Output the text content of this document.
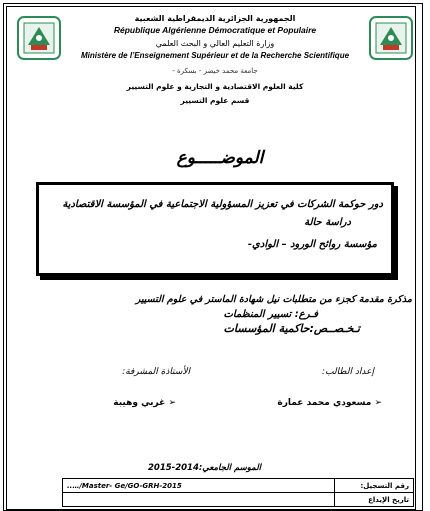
الجمهورية الجزائرية الديمقراطية الشعبية
République Algérienne Démocratique et Populaire
وزارة التعليم العالي و البحث العلمي
Ministère de l’Enseignement Supérieur et de la Recherche Scientifique
جامعة محمد خيضر - بسكرة -
كلية العلوم الاقتصادية و التجارية و علوم التسيير
قسم علوم التسيير
الموضـــــوع
دور حوكمة الشركات في تعزيز المسؤولية الاجتماعية في المؤسسة الاقتصادية
دراسة حالة
مؤسسة روائح الورود – الوادي-
مذكرة مقدمة كجزء من متطلبات نيل شهادة الماستر في علوم التسيير
فـرع: تسيير المنظمات
تـخـصــص:حاكمية المؤسسات
إعداد الطالب:
الأستاذة المشرفة:
➢ مسعودي محمد عمارة
➢ غربي وهيبة
الموسم الجامعي:2014-2015
..…/Master- Ge/GO-GRH-2015	رقم التسجيل:
	تاريخ الإيداع
